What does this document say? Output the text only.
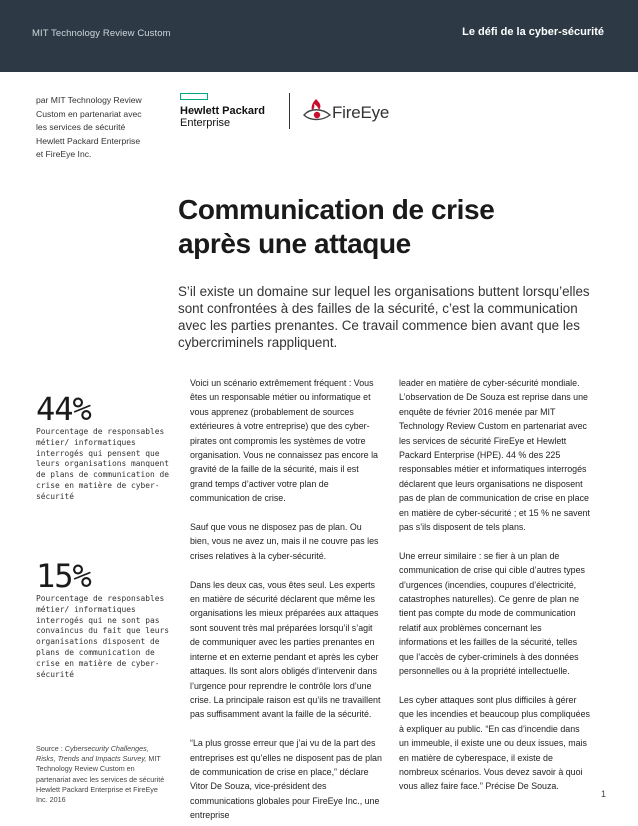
MIT Technology Review Custom	Le défi de la cyber-sécurité
par MIT Technology Review Custom en partenariat avec les services de sécurité Hewlett Packard Enterprise et FireEye Inc.
Hewlett Packard
Enterprise
FireEye
Communication de crise
après une attaque
S’il existe un domaine sur lequel les organisations buttent lorsqu’elles sont confrontées à des failles de la sécurité, c’est la communication avec les parties prenantes. Ce travail commence bien avant que les cybercriminels rappliquent.
44%
Pourcentage de responsables métier/ informatiques interrogés qui pensent que leurs organisations manquent de plans de communication de crise en matière de cyber-sécurité
15%
Pourcentage de responsables métier/ informatiques interrogés qui ne sont pas convaincus du fait que leurs organisations disposent de plans de communication de crise en matière de cyber-sécurité
Source : Cybersecurity Challenges, Risks, Trends and Impacts Survey, MIT Technology Review Custom en partenariat avec les services de sécurité Hewlett Packard Enterprise et FireEye Inc. 2016

Voici un scénario extrêmement fréquent : Vous êtes un responsable métier ou informatique et vous apprenez (probablement de sources extérieures à votre entreprise) que des cyber-pirates ont compromis les systèmes de votre organisation. Vous ne connaissez pas encore la gravité de la faille de la sécurité, mais il est grand temps d’activer votre plan de communication de crise.

Sauf que vous ne disposez pas de plan. Ou bien, vous ne avez un, mais il ne couvre pas les crises relatives à la cyber-sécurité.

Dans les deux cas, vous êtes seul. Les experts en matière de sécurité déclarent que même les organisations les mieux préparées aux attaques sont souvent très mal préparées lorsqu’il s’agit de communiquer avec les parties prenantes en interne et en externe pendant et après les cyber attaques. Ils sont alors obligés d’intervenir dans l’urgence pour reprendre le contrôle lors d’une crise. La principale raison est qu’ils ne travaillent pas suffisamment avant la faille de la sécurité.

“La plus grosse erreur que j’ai vu de la part des entreprises est qu’elles ne disposent pas de plan de communication de crise en place,” déclare Vitor De Souza, vice-président des communications globales pour FireEye Inc., une entreprise

leader en matière de cyber-sécurité mondiale. L’observation de De Souza est reprise dans une enquête de février 2016 menée par MIT Technology Review Custom en partenariat avec les services de sécurité FireEye et Hewlett Packard Enterprise (HPE). 44 % des 225 responsables métier et informatiques interrogés déclarent que leurs organisations ne disposent pas de plan de communication de crise en place en matière de cyber-sécurité ; et 15 % ne savent pas s’ils disposent de tels plans.

Une erreur similaire : se fier à un plan de communication de crise qui cible d’autres types d’urgences (incendies, coupures d’électricité, catastrophes naturelles). Ce genre de plan ne tient pas compte du mode de communication relatif aux problèmes concernant les informations et les failles de la sécurité, telles que l’accès de cyber-criminels à des données personnelles ou à la propriété intellectuelle.

Les cyber attaques sont plus difficiles à gérer que les incendies et beaucoup plus compliquées à expliquer au public. “En cas d’incendie dans un immeuble, il existe une ou deux issues, mais en matière de cyberespace, il existe de nombreux scénarios. Vous devez savoir à quoi vous allez faire face.” Précise De Souza.

1
